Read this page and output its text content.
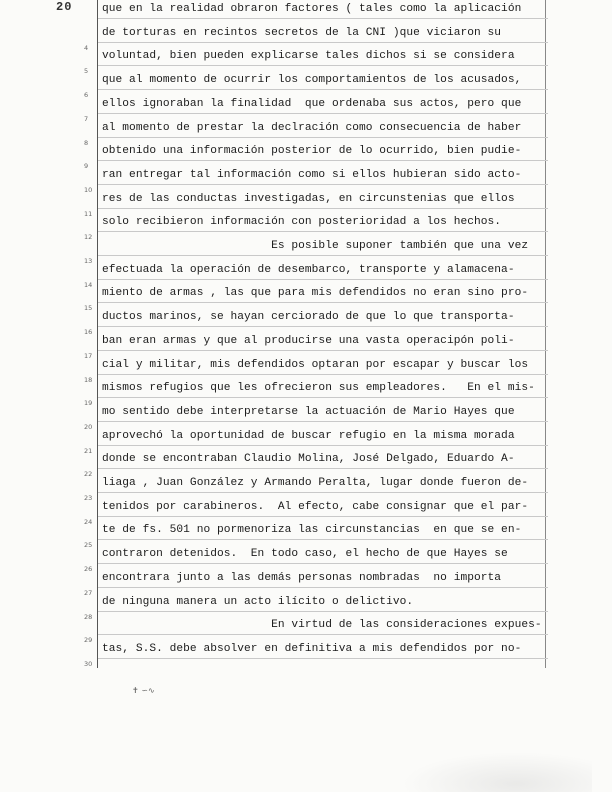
20	que en la realidad obraron factores ( tales como la aplicación
de torturas en recintos secretos de la CNI )que viciaron su
4
voluntad, bien pueden explicarse tales dichos si se considera
5
que al momento de ocurrir los comportamientos de los acusados,
6
ellos ignoraban la finalidad  que ordenaba sus actos, pero que
7
al momento de prestar la declración como consecuencia de haber
8
obtenido una información posterior de lo ocurrido, bien pudie-
9
ran entregar tal información como si ellos hubieran sido acto-
10
res de las conductas investigadas, en circunstenias que ellos
11
solo recibieron información con posterioridad a los hechos.
12
Es posible suponer también que una vez
13
efectuada la operación de desembarco, transporte y alamacena-
14
miento de armas , las que para mis defendidos no eran sino pro-
15
ductos marinos, se hayan cerciorado de que lo que transporta-
16
ban eran armas y que al producirse una vasta operacipón poli-
17
cial y militar, mis defendidos optaran por escapar y buscar los
18
mismos refugios que les ofrecieron sus empleadores.   En el mis-
19
mo sentido debe interpretarse la actuación de Mario Hayes que
20
aprovechó la oportunidad de buscar refugio en la misma morada
21
donde se encontraban Claudio Molina, José Delgado, Eduardo A-
22
liaga , Juan González y Armando Peralta, lugar donde fueron de-
23
tenidos por carabineros.  Al efecto, cabe consignar que el par-
24
te de fs. 501 no pormenoriza las circunstancias  en que se en-
25
contraron detenidos.  En todo caso, el hecho de que Hayes se
26
encontrara junto a las demás personas nombradas  no importa
27
de ninguna manera un acto ilícito o delictivo.
28
En virtud de las consideraciones expues-
29
tas, S.S. debe absolver en definitiva a mis defendidos por no-
30
✝ ∽∿
